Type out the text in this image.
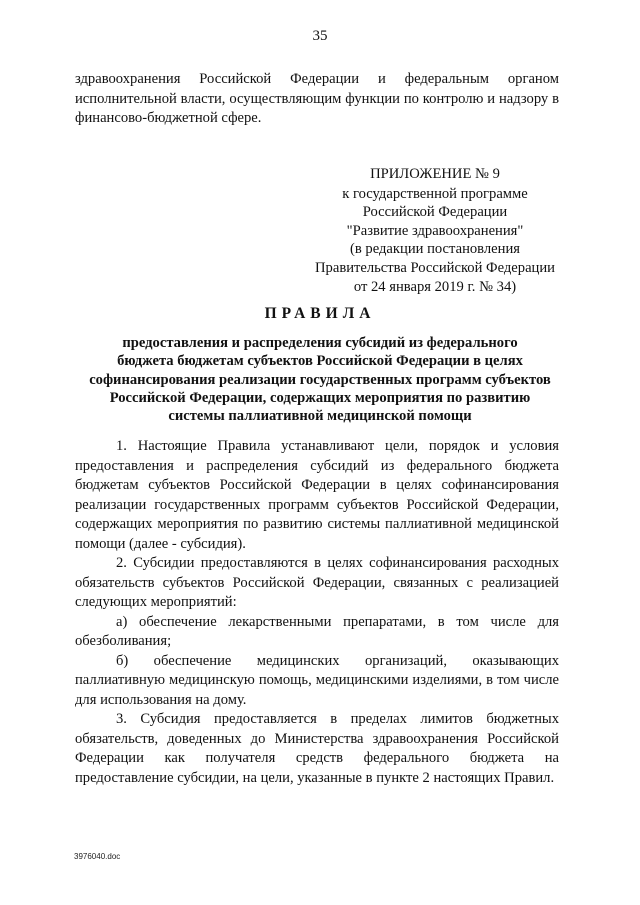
35
здравоохранения Российской Федерации и федеральным органом исполнительной власти, осуществляющим функции по контролю и надзору в финансово-бюджетной сфере.
ПРИЛОЖЕНИЕ № 9
к государственной программе
Российской Федерации
"Развитие здравоохранения"
(в редакции постановления
Правительства Российской Федерации
от 24 января 2019 г. № 34)
ПРАВИЛА
предоставления и распределения субсидий из федерального
бюджета бюджетам субъектов Российской Федерации в целях
софинансирования реализации государственных программ субъектов
Российской Федерации, содержащих мероприятия по развитию
системы паллиативной медицинской помощи

1. Настоящие Правила устанавливают цели, порядок и условия предоставления и распределения субсидий из федерального бюджета бюджетам субъектов Российской Федерации в целях софинансирования реализации государственных программ субъектов Российской Федерации, содержащих мероприятия по развитию системы паллиативной медицинской помощи (далее - субсидия).

2. Субсидии предоставляются в целях софинансирования расходных обязательств субъектов Российской Федерации, связанных с реализацией следующих мероприятий:

а) обеспечение лекарственными препаратами, в том числе для обезболивания;

б) обеспечение медицинских организаций, оказывающих паллиативную медицинскую помощь, медицинскими изделиями, в том числе для использования на дому.

3. Субсидия предоставляется в пределах лимитов бюджетных обязательств, доведенных до Министерства здравоохранения Российской Федерации как получателя средств федерального бюджета на предоставление субсидии, на цели, указанные в пункте 2 настоящих Правил.

3976040.doc
